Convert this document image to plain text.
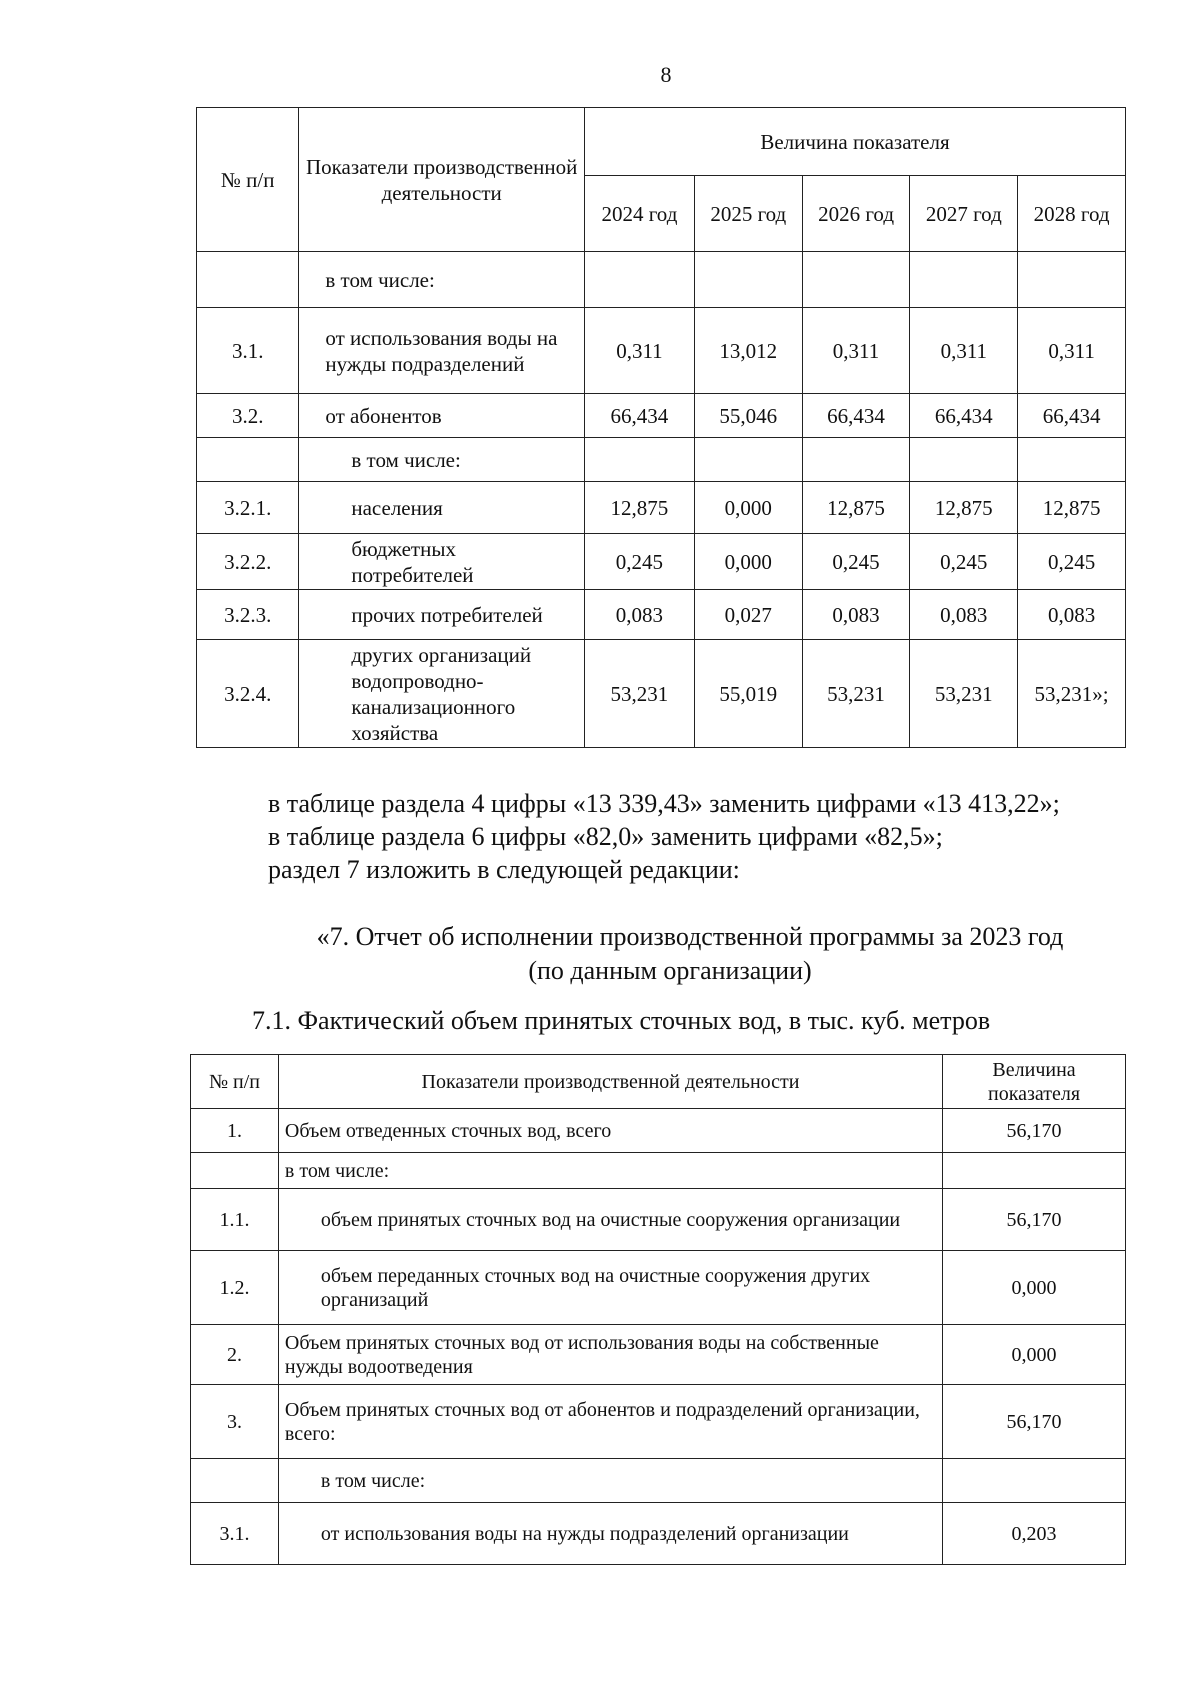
8
№ п/п	Показатели производственной деятельности	Величина показателя				
		2024 год	2025 год	2026 год	2027 год	2028 год
	в том числе:					
3.1.	от использования воды на нужды подразделений	0,311	13,012	0,311	0,311	0,311
3.2.	от абонентов	66,434	55,046	66,434	66,434	66,434
	в том числе:					
3.2.1.	населения	12,875	0,000	12,875	12,875	12,875
3.2.2.	бюджетных потребителей	0,245	0,000	0,245	0,245	0,245
3.2.3.	прочих потребителей	0,083	0,027	0,083	0,083	0,083
3.2.4.	других организаций водопроводно-канализационного хозяйства	53,231	55,019	53,231	53,231	53,231»;

в таблице раздела 4 цифры «13 339,43» заменить цифрами «13 413,22»;

в таблице раздела 6 цифры «82,0» заменить цифрами «82,5»;

раздел 7 изложить в следующей редакции:

«7. Отчет об исполнении производственной программы за 2023 год
(по данным организации)
7.1. Фактический объем принятых сточных вод, в тыс. куб. метров
№ п/п	Показатели производственной деятельности	Величина показателя
1.	Объем отведенных сточных вод, всего	56,170
	в том числе:	
1.1.	объем принятых сточных вод на очистные сооружения организации	56,170
1.2.	объем переданных сточных вод на очистные сооружения других организаций	0,000
2.	Объем принятых сточных вод от использования воды на собственные нужды водоотведения	0,000
3.	Объем принятых сточных вод от абонентов и подразделений организации, всего:	56,170
	в том числе:	
3.1.	от использования воды на нужды подразделений организации	0,203
